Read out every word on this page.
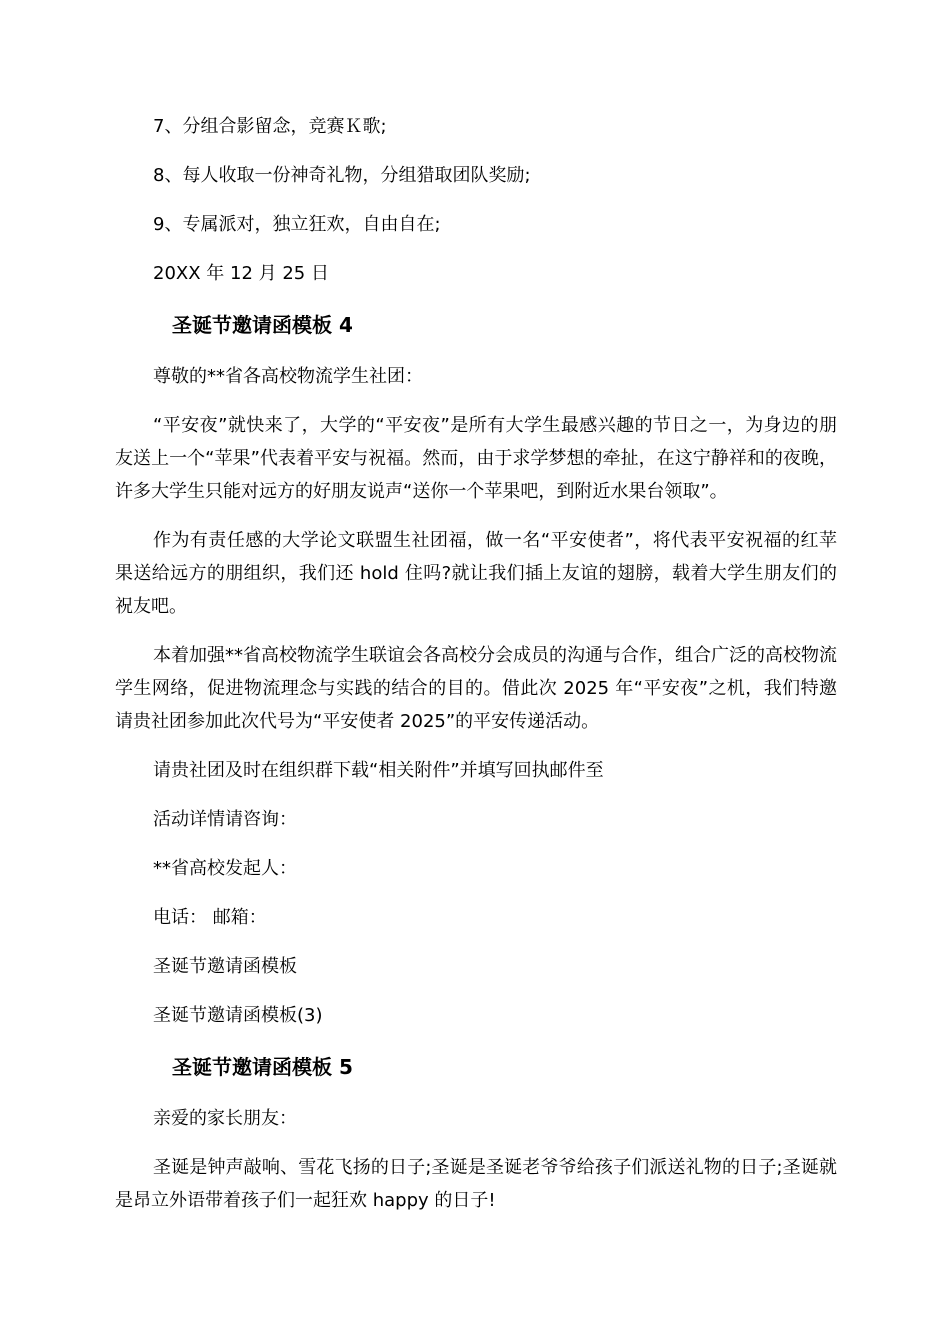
7、分组合影留念，竞赛Ｋ歌;
8、每人收取一份神奇礼物，分组猎取团队奖励;
9、专属派对，独立狂欢，自由自在;
20XX 年 12 月 25 日
圣诞节邀请函模板 4
尊敬的**省各高校物流学生社团：
“平安夜”就快来了，大学的“平安夜”是所有大学生最感兴趣的节日之一，为身边的朋友送上一个“苹果”代表着平安与祝福。然而，由于求学梦想的牵扯，在这宁静祥和的夜晚，许多大学生只能对远方的好朋友说声“送你一个苹果吧，到附近水果台领取”。
作为有责任感的大学论文联盟生社团福，做一名“平安使者”，将代表平安祝福的红苹果送给远方的朋组织，我们还 hold 住吗?就让我们插上友谊的翅膀，载着大学生朋友们的祝友吧。
本着加强**省高校物流学生联谊会各高校分会成员的沟通与合作，组合广泛的高校物流学生网络，促进物流理念与实践的结合的目的。借此次 2025 年“平安夜”之机，我们特邀请贵社团参加此次代号为“平安使者 2025”的平安传递活动。
请贵社团及时在组织群下载“相关附件”并填写回执邮件至
活动详情请咨询：
**省高校发起人：
电话： 邮箱：
圣诞节邀请函模板
圣诞节邀请函模板(3)
圣诞节邀请函模板 5
亲爱的家长朋友：
圣诞是钟声敲响、雪花飞扬的日子;圣诞是圣诞老爷爷给孩子们派送礼物的日子;圣诞就是昂立外语带着孩子们一起狂欢 happy 的日子!
